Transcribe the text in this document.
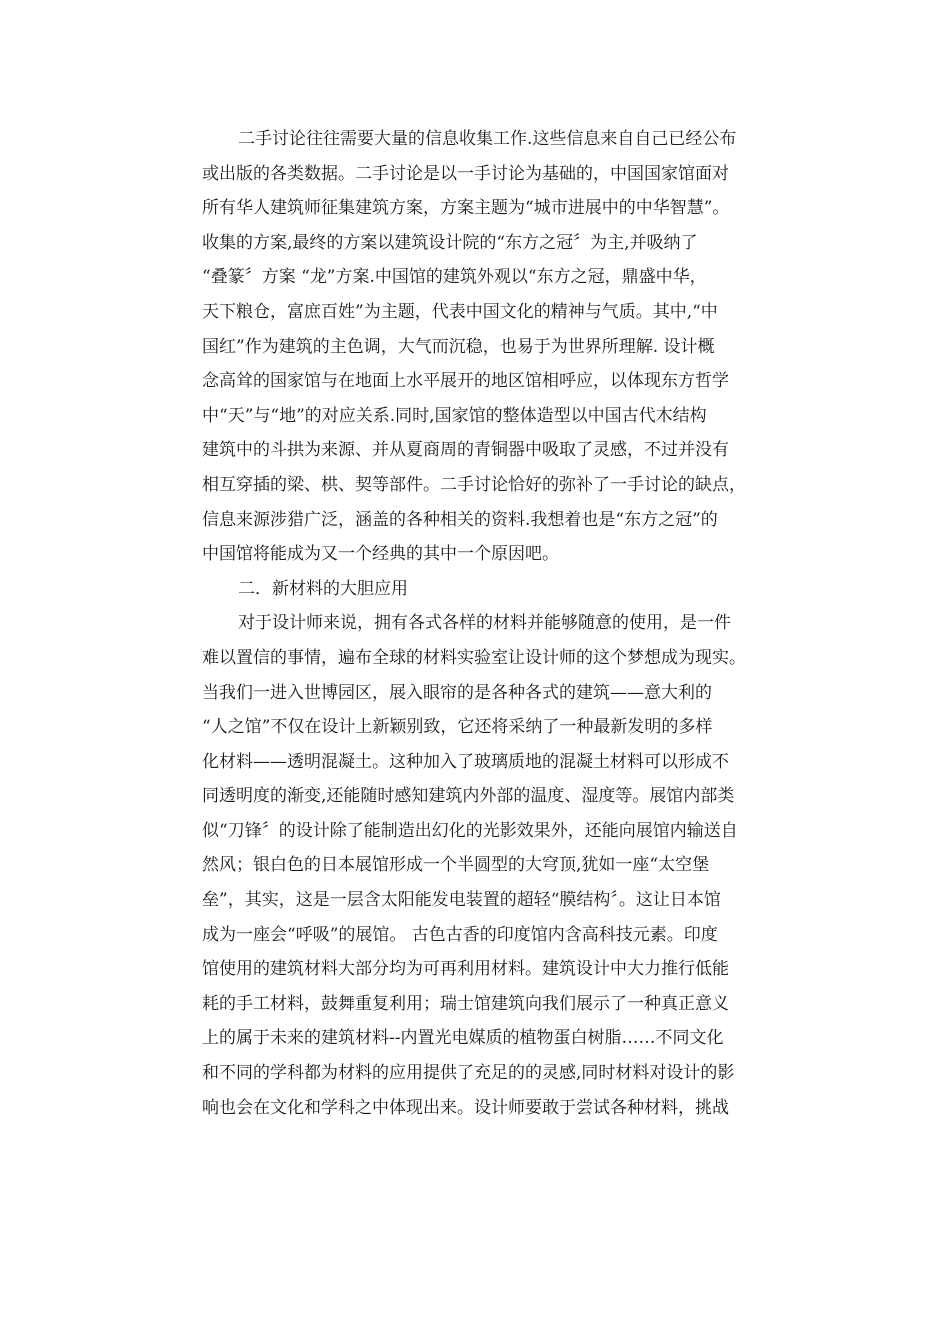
二手讨论往往需要大量的信息收集工作.这些信息来自自己已经公布
或出版的各类数据。二手讨论是以一手讨论为基础的，中国国家馆面对
所有华人建筑师征集建筑方案，方案主题为“城市进展中的中华智慧”。
收集的方案,最终的方案以建筑设计院的“东方之冠〞为主,并吸纳了
“叠篆〞方案 “龙”方案.中国馆的建筑外观以“东方之冠，鼎盛中华，
天下粮仓，富庶百姓”为主题，代表中国文化的精神与气质。其中,“中
国红”作为建筑的主色调，大气而沉稳，也易于为世界所理解. 设计概
念高耸的国家馆与在地面上水平展开的地区馆相呼应，以体现东方哲学
中“天”与“地”的对应关系.同时,国家馆的整体造型以中国古代木结构
建筑中的斗拱为来源、并从夏商周的青铜器中吸取了灵感，不过并没有
相互穿插的梁、栱、契等部件。二手讨论恰好的弥补了一手讨论的缺点，
信息来源涉猎广泛，涵盖的各种相关的资料.我想着也是“东方之冠”的
中国馆将能成为又一个经典的其中一个原因吧。
二．新材料的大胆应用
对于设计师来说，拥有各式各样的材料并能够随意的使用，是一件
难以置信的事情，遍布全球的材料实验室让设计师的这个梦想成为现实。
当我们一进入世博园区，展入眼帘的是各种各式的建筑——意大利的
“人之馆”不仅在设计上新颖别致，它还将采纳了一种最新发明的多样
化材料——透明混凝土。这种加入了玻璃质地的混凝土材料可以形成不
同透明度的渐变,还能随时感知建筑内外部的温度、湿度等。展馆内部类
似“刀锋〞的设计除了能制造出幻化的光影效果外，还能向展馆内输送自
然风；银白色的日本展馆形成一个半圆型的大穹顶,犹如一座“太空堡
垒”，其实，这是一层含太阳能发电装置的超轻“膜结构〞。这让日本馆
成为一座会“呼吸”的展馆。 古色古香的印度馆内含高科技元素。印度
馆使用的建筑材料大部分均为可再利用材料。建筑设计中大力推行低能
耗的手工材料，鼓舞重复利用；瑞士馆建筑向我们展示了一种真正意义
上的属于未来的建筑材料--内置光电媒质的植物蛋白树脂……不同文化
和不同的学科都为材料的应用提供了充足的的灵感,同时材料对设计的影
响也会在文化和学科之中体现出来。设计师要敢于尝试各种材料，挑战
